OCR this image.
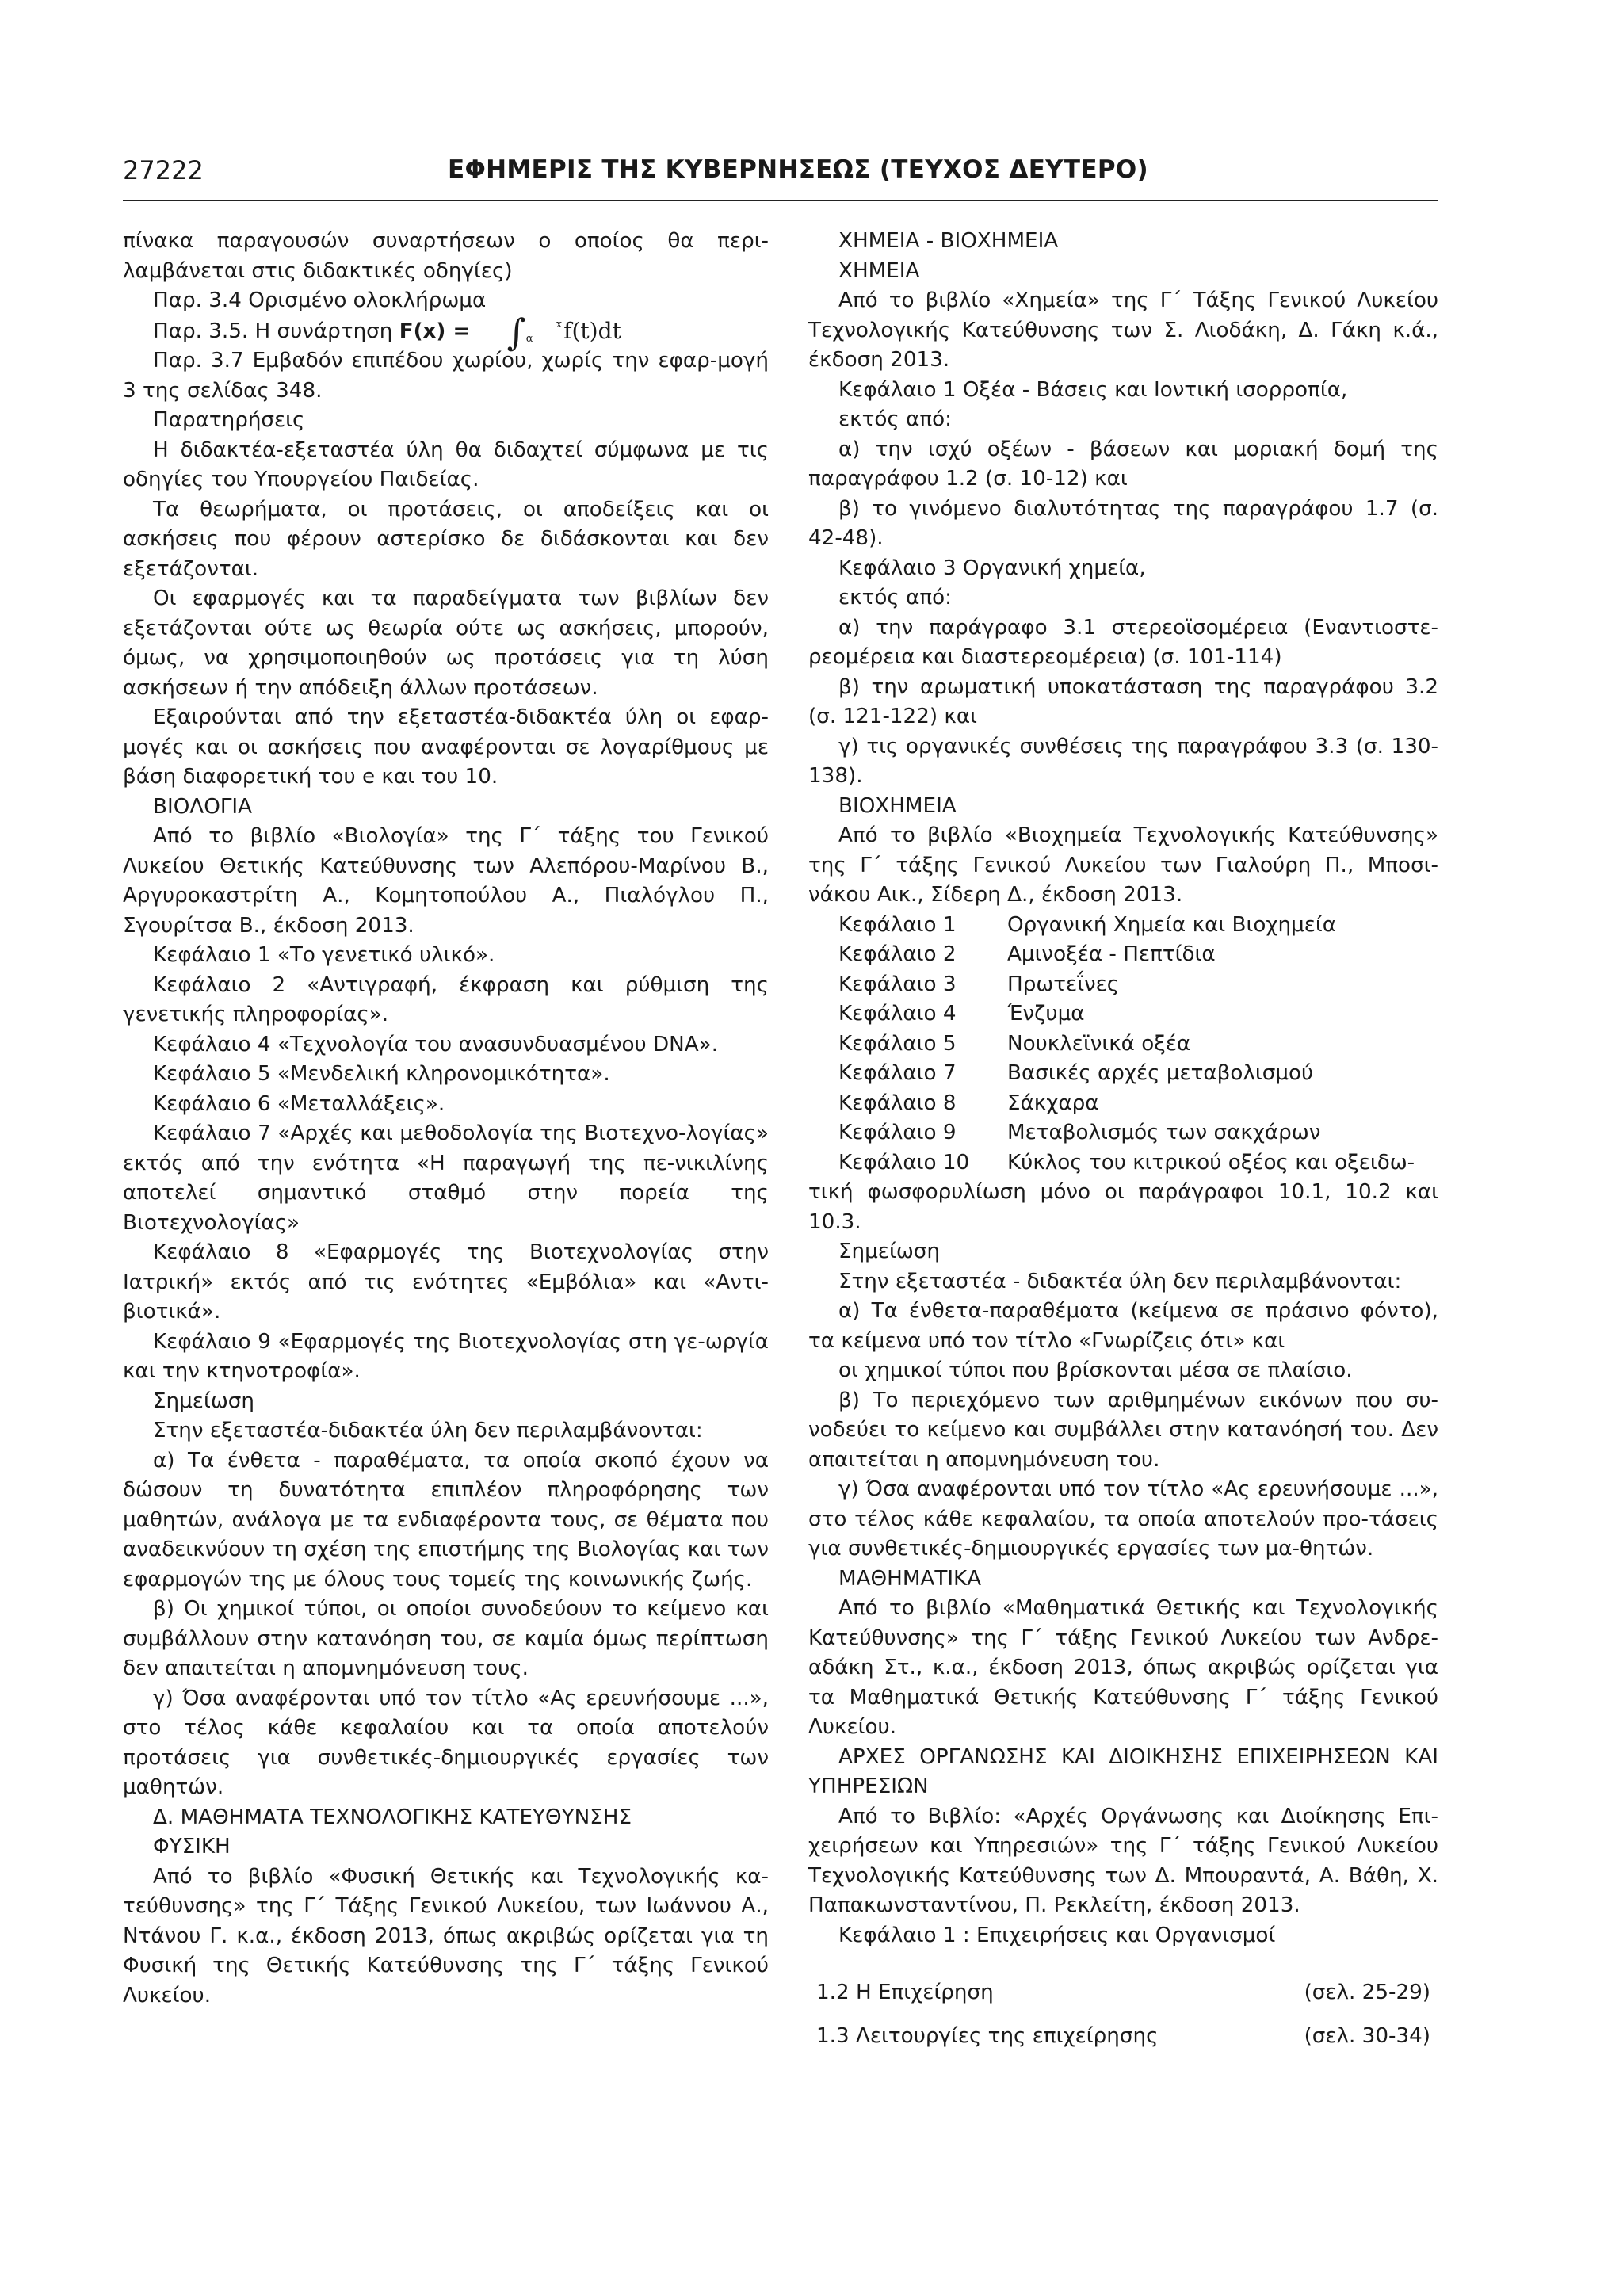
27222	ΕΦΗΜΕΡΙΣ ΤΗΣ ΚΥΒΕΡΝΗΣΕΩΣ (ΤΕΥΧΟΣ ΔΕΥΤΕΡΟ)

πίνακα παραγουσών συναρτήσεων ο οποίος θα περι-λαμβάνεται στις διδακτικές οδηγίες)

Παρ. 3.4 Ορισμένο ολοκλήρωμα

Παρ. 3.5. Η συνάρτηση F(x) = ∫	x
α f(t)dt

Παρ. 3.7 Εμβαδόν επιπέδου χωρίου, χωρίς την εφαρ-μογή 3 της σελίδας 348.

Παρατηρήσεις

Η διδακτέα-εξεταστέα ύλη θα διδαχτεί σύμφωνα με τις οδηγίες του Υπουργείου Παιδείας.

Τα θεωρήματα, οι προτάσεις, οι αποδείξεις και οι ασκήσεις που φέρουν αστερίσκο δε διδάσκονται και δεν εξετάζονται.

Οι εφαρμογές και τα παραδείγματα των βιβλίων δεν εξετάζονται ούτε ως θεωρία ούτε ως ασκήσεις, μπορούν, όμως, να χρησιμοποιηθούν ως προτάσεις για τη λύση ασκήσεων ή την απόδειξη άλλων προτάσεων.

Εξαιρούνται από την εξεταστέα-διδακτέα ύλη οι εφαρ-μογές και οι ασκήσεις που αναφέρονται σε λογαρίθμους με βάση διαφορετική του e και του 10.

ΒΙΟΛΟΓΙΑ

Από το βιβλίο «Βιολογία» της Γ΄ τάξης του Γενικού Λυκείου Θετικής Κατεύθυνσης των Αλεπόρου-Μαρίνου Β., Αργυροκαστρίτη Α., Κομητοπούλου Α., Πιαλόγλου Π., Σγουρίτσα Β., έκδοση 2013.

Κεφάλαιο 1 «Το γενετικό υλικό».

Κεφάλαιο 2 «Αντιγραφή, έκφραση και ρύθμιση της γενετικής πληροφορίας».

Κεφάλαιο 4 «Τεχνολογία του ανασυνδυασμένου DNA».

Κεφάλαιο 5 «Μενδελική κληρονομικότητα».

Κεφάλαιο 6 «Μεταλλάξεις».

Κεφάλαιο 7 «Αρχές και μεθοδολογία της Βιοτεχνο-λογίας» εκτός από την ενότητα «Η παραγωγή της πε-νικιλίνης αποτελεί σημαντικό σταθμό στην πορεία της Βιοτεχνολογίας»

Κεφάλαιο 8 «Εφαρμογές της Βιοτεχνολογίας στην Ιατρική» εκτός από τις ενότητες «Εμβόλια» και «Αντι-βιοτικά».

Κεφάλαιο 9 «Εφαρμογές της Βιοτεχνολογίας στη γε-ωργία και την κτηνοτροφία».

Σημείωση

Στην εξεταστέα-διδακτέα ύλη δεν περιλαμβάνονται:

α) Τα ένθετα - παραθέματα, τα οποία σκοπό έχουν να δώσουν τη δυνατότητα επιπλέον πληροφόρησης των μαθητών, ανάλογα με τα ενδιαφέροντα τους, σε θέματα που αναδεικνύουν τη σχέση της επιστήμης της Βιολογίας και των εφαρμογών της με όλους τους τομείς της κοινωνικής ζωής.

β) Οι χημικοί τύποι, οι οποίοι συνοδεύουν το κείμενο και συμβάλλουν στην κατανόηση του, σε καμία όμως περίπτωση δεν απαιτείται η απομνημόνευση τους.

γ) Όσα αναφέρονται υπό τον τίτλο «Ας ερευνήσουμε ...», στο τέλος κάθε κεφαλαίου και τα οποία αποτελούν προτάσεις για συνθετικές-δημιουργικές εργασίες των μαθητών.

Δ. ΜΑΘΗΜΑΤΑ ΤΕΧΝΟΛΟΓΙΚΗΣ ΚΑΤΕΥΘΥΝΣΗΣ

ΦΥΣΙΚΗ

Από το βιβλίο «Φυσική Θετικής και Τεχνολογικής κα-τεύθυνσης» της Γ΄ Τάξης Γενικού Λυκείου, των Ιωάννου Α., Ντάνου Γ. κ.α., έκδοση 2013, όπως ακριβώς ορίζεται για τη Φυσική της Θετικής Κατεύθυνσης της Γ΄ τάξης Γενικού Λυκείου.

ΧΗΜΕΙΑ - ΒΙΟΧΗΜΕΙΑ

ΧΗΜΕΙΑ

Από το βιβλίο «Χημεία» της Γ΄ Τάξης Γενικού Λυκείου Τεχνολογικής Κατεύθυνσης των Σ. Λιοδάκη, Δ. Γάκη κ.ά., έκδοση 2013.

Κεφάλαιο 1 Οξέα - Βάσεις και Ιοντική ισορροπία,

εκτός από:

α) την ισχύ οξέων - βάσεων και μοριακή δομή της παραγράφου 1.2 (σ. 10-12) και

β) το γινόμενο διαλυτότητας της παραγράφου 1.7 (σ. 42-48).

Κεφάλαιο 3 Οργανική χημεία,

εκτός από:

α) την παράγραφο 3.1 στερεοϊσομέρεια (Εναντιοστε-ρεομέρεια και διαστερεομέρεια) (σ. 101-114)

β) την αρωματική υποκατάσταση της παραγράφου 3.2 (σ. 121-122) και

γ) τις οργανικές συνθέσεις της παραγράφου 3.3 (σ. 130-138).

ΒΙΟΧΗΜΕΙΑ

Από το βιβλίο «Βιοχημεία Τεχνολογικής Κατεύθυνσης» της Γ΄ τάξης Γενικού Λυκείου των Γιαλούρη Π., Μποσι-νάκου Αικ., Σίδερη Δ., έκδοση 2013.

Κεφάλαιο 1	Οργανική Χημεία και Βιοχημεία
Κεφάλαιο 2	Αμινοξέα - Πεπτίδια
Κεφάλαιο 3	Πρωτεΐνες
Κεφάλαιο 4	Ένζυμα
Κεφάλαιο 5	Νουκλεϊνικά οξέα
Κεφάλαιο 7	Βασικές αρχές μεταβολισμού
Κεφάλαιο 8	Σάκχαρα
Κεφάλαιο 9	Μεταβολισμός των σακχάρων
Κεφάλαιο 10	Κύκλος του κιτρικού οξέος και οξειδω-

τική φωσφορυλίωση μόνο οι παράγραφοι 10.1, 10.2 και 10.3.

Σημείωση

Στην εξεταστέα - διδακτέα ύλη δεν περιλαμβάνονται:

α) Τα ένθετα-παραθέματα (κείμενα σε πράσινο φόντο), τα κείμενα υπό τον τίτλο «Γνωρίζεις ότι» και

οι χημικοί τύποι που βρίσκονται μέσα σε πλαίσιο.

β) Το περιεχόμενο των αριθμημένων εικόνων που συ-νοδεύει το κείμενο και συμβάλλει στην κατανόησή του. Δεν απαιτείται η απομνημόνευση του.

γ) Όσα αναφέρονται υπό τον τίτλο «Ας ερευνήσουμε ...», στο τέλος κάθε κεφαλαίου, τα οποία αποτελούν προ-τάσεις για συνθετικές-δημιουργικές εργασίες των μα-θητών.

ΜΑΘΗΜΑΤΙΚΑ

Από το βιβλίο «Μαθηματικά Θετικής και Τεχνολογικής Κατεύθυνσης» της Γ΄ τάξης Γενικού Λυκείου των Ανδρε-αδάκη Στ., κ.α., έκδοση 2013, όπως ακριβώς ορίζεται για τα Μαθηματικά Θετικής Κατεύθυνσης Γ΄ τάξης Γενικού Λυκείου.

ΑΡΧΕΣ ΟΡΓΑΝΩΣΗΣ ΚΑΙ ΔΙΟΙΚΗΣΗΣ ΕΠΙΧΕΙΡΗΣΕΩΝ ΚΑΙ ΥΠΗΡΕΣΙΩΝ

Από το Βιβλίο: «Αρχές Οργάνωσης και Διοίκησης Επι-χειρήσεων και Υπηρεσιών» της Γ΄ τάξης Γενικού Λυκείου Τεχνολογικής Κατεύθυνσης των Δ. Μπουραντά, Α. Βάθη, Χ. Παπακωνσταντίνου, Π. Ρεκλείτη, έκδοση 2013.

Κεφάλαιο 1 : Επιχειρήσεις και Οργανισμοί

1.2 Η Επιχείρηση	(σελ. 25-29)
1.3 Λειτουργίες της επιχείρησης	(σελ. 30-34)
